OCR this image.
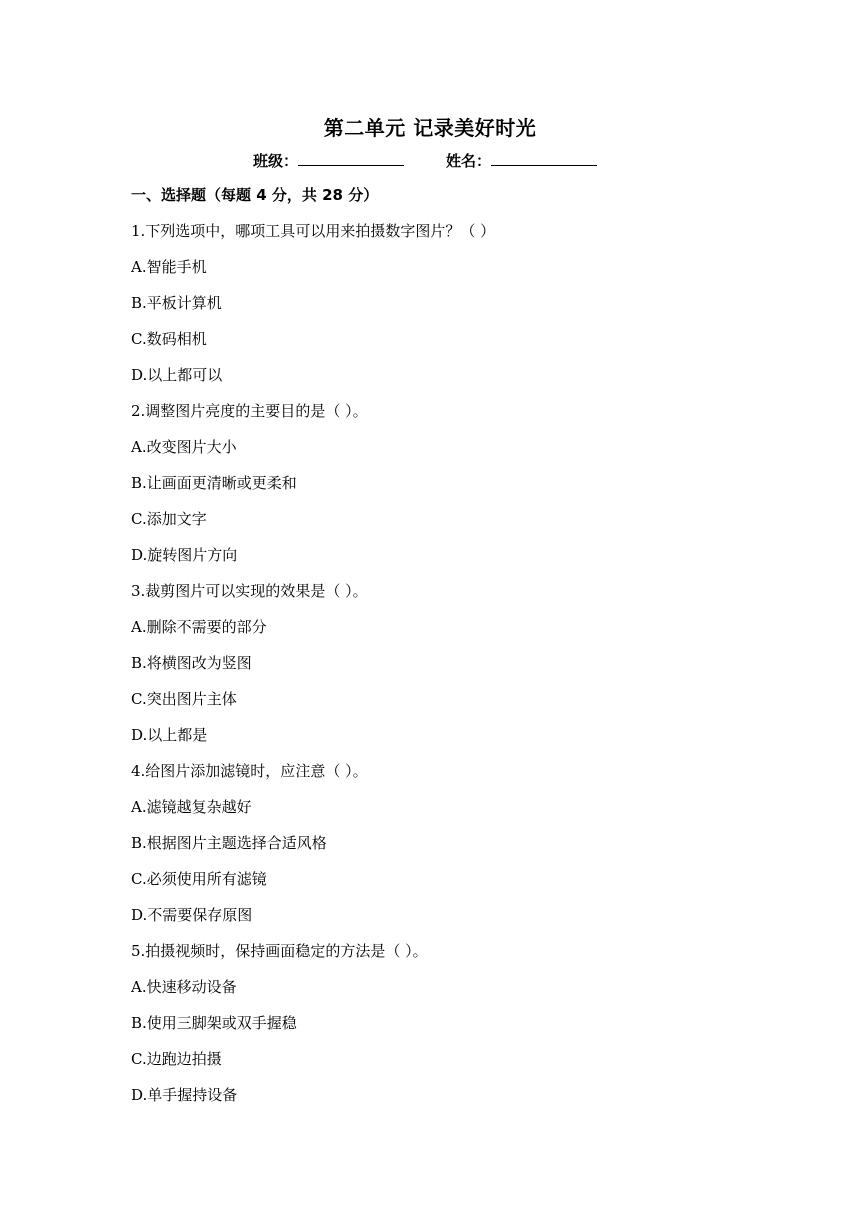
第二单元 记录美好时光
班级：	姓名：
一、选择题（每题 4 分，共 28 分）
1.下列选项中，哪项工具可以用来拍摄数字图片？（ ）
A.智能手机
B.平板计算机
C.数码相机
D.以上都可以
2.调整图片亮度的主要目的是（ ）。
A.改变图片大小
B.让画面更清晰或更柔和
C.添加文字
D.旋转图片方向
3.裁剪图片可以实现的效果是（ ）。
A.删除不需要的部分
B.将横图改为竖图
C.突出图片主体
D.以上都是
4.给图片添加滤镜时，应注意（ ）。
A.滤镜越复杂越好
B.根据图片主题选择合适风格
C.必须使用所有滤镜
D.不需要保存原图
5.拍摄视频时，保持画面稳定的方法是（ ）。
A.快速移动设备
B.使用三脚架或双手握稳
C.边跑边拍摄
D.单手握持设备
